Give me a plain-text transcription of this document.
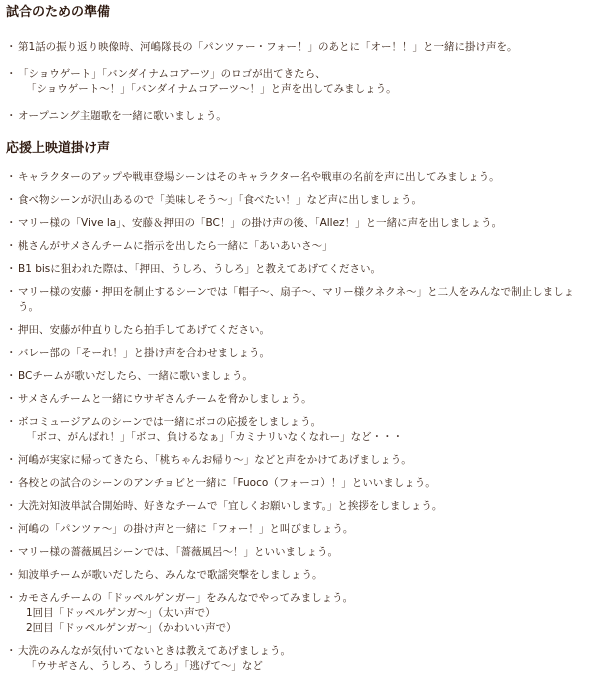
試合のための準備
・ 第1話の振り返り映像時、河嶋隊長の「パンツァー・フォー！」のあとに「オー！！」と一緒に掛け声を。
・ 「ショウゲート」「バンダイナムコアーツ」のロゴが出てきたら、
「ショウゲート〜！」「バンダイナムコアーツ〜！」と声を出してみましょう。
・ オープニング主題歌を一緒に歌いましょう。
応援上映道掛け声
・ キャラクターのアップや戦車登場シーンはそのキャラクター名や戦車の名前を声に出してみましょう。
・ 食べ物シーンが沢山あるので「美味しそう〜」「食べたい！」など声に出しましょう。
・ マリー様の「Vive la」、安藤＆押田の「BC！」の掛け声の後、「Allez！」と一緒に声を出しましょう。
・ 桃さんがサメさんチームに指示を出したら一緒に「あいあいさ〜」
・ B1 bisに狙われた際は、「押田、うしろ、うしろ」と教えてあげてください。
・ マリー様の安藤・押田を制止するシーンでは「帽子〜、扇子〜、マリー様クネクネ〜」と二人をみんなで制止しましょう。
・ 押田、安藤が仲直りしたら拍手してあげてください。
・ バレー部の「そーれ！」と掛け声を合わせましょう。
・ BCチームが歌いだしたら、一緒に歌いましょう。
・ サメさんチームと一緒にウサギさんチームを脅かしましょう。
・ ボコミュージアムのシーンでは一緒にボコの応援をしましょう。
「ボコ、がんばれ！」「ボコ、負けるなぁ」「カミナリいなくなれー」など・・・
・ 河嶋が実家に帰ってきたら、「桃ちゃんお帰り〜」などと声をかけてあげましょう。
・ 各校との試合のシーンのアンチョビと一緒に「Fuoco（フォーコ）！」といいましょう。
・ 大洗対知波単試合開始時、好きなチームで「宜しくお願いします。」と挨拶をしましょう。
・ 河嶋の「パンツァ〜」の掛け声と一緒に「フォー！」と叫びましょう。
・ マリー様の薔薇風呂シーンでは、「薔薇風呂〜！」といいましょう。
・ 知波単チームが歌いだしたら、みんなで歌謡突撃をしましょう。
・ カモさんチームの「ドッペルゲンガー」をみんなでやってみましょう。
1回目「ドッペルゲンガ〜」（太い声で）
2回目「ドッペルゲンガ〜」（かわいい声で）
・ 大洗のみんなが気付いてないときは教えてあげましょう。
「ウサギさん、うしろ、うしろ」「逃げて〜」など
